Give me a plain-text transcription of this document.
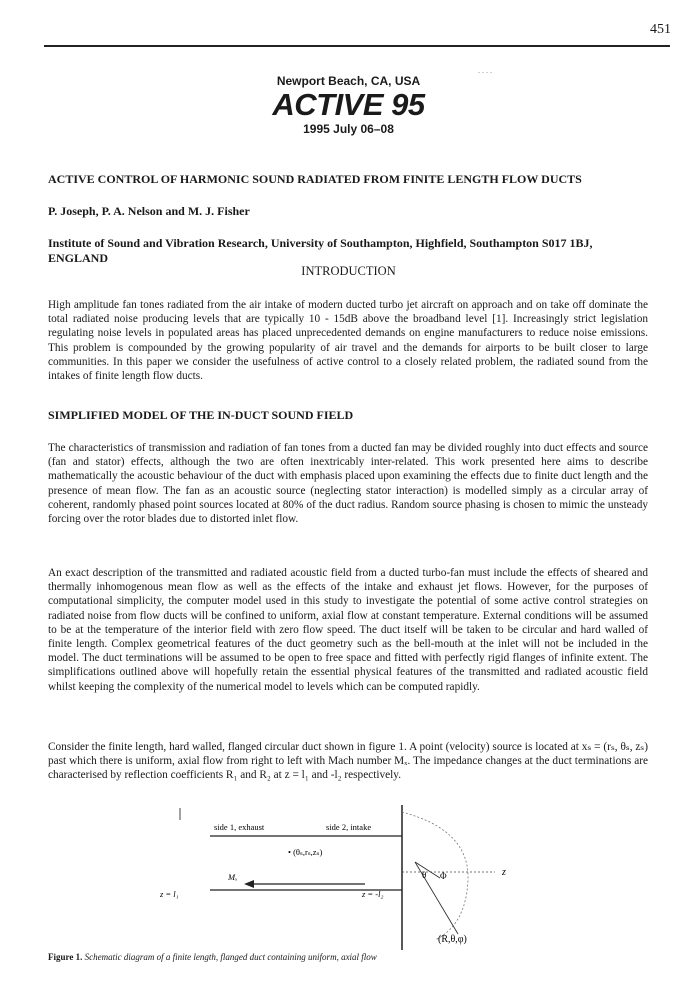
451
....
Newport Beach, CA, USA
ACTIVE 95
1995 July 06–08
ACTIVE CONTROL OF HARMONIC SOUND RADIATED FROM FINITE LENGTH FLOW DUCTS
P. Joseph, P. A. Nelson and M. J. Fisher
Institute of Sound and Vibration Research, University of Southampton, Highfield, Southampton S017 1BJ, ENGLAND
INTRODUCTION

High amplitude fan tones radiated from the air intake of modern ducted turbo jet aircraft on approach and on take off dominate the total radiated noise producing levels that are typically 10 - 15dB above the broadband level [1]. Increasingly strict legislation regulating noise levels in populated areas has placed unprecedented demands on engine manufacturers to reduce noise emissions. This problem is compounded by the growing popularity of air travel and the demands for airports to be built closer to large communities. In this paper we consider the usefulness of active control to a closely related problem, the radiated sound from the intakes of finite length flow ducts.

SIMPLIFIED MODEL OF THE IN-DUCT SOUND FIELD

The characteristics of transmission and radiation of fan tones from a ducted fan may be divided roughly into duct effects and source (fan and stator) effects, although the two are often inextricably inter-related. This work presented here aims to describe mathematically the acoustic behaviour of the duct with emphasis placed upon examining the effects due to finite duct length and the presence of mean flow. The fan as an acoustic source (neglecting stator interaction) is modelled simply as a circular array of coherent, randomly phased point sources located at 80% of the duct radius. Random source phasing is chosen to mimic the unsteady forcing over the rotor blades due to distorted inlet flow.

An exact description of the transmitted and radiated acoustic field from a ducted turbo-fan must include the effects of sheared and thermally inhomogenous mean flow as well as the effects of the intake and exhaust jet flows. However, for the purposes of computational simplicity, the computer model used in this study to investigate the potential of some active control strategies on radiated noise from flow ducts will be confined to uniform, axial flow at constant temperature. External conditions will be assumed to be at the temperature of the interior field with zero flow speed. The duct itself will be taken to be circular and hard walled of finite length. Complex geometrical features of the duct geometry such as the bell-mouth at the inlet will not be included in the model. The duct terminations will be assumed to be open to free space and fitted with perfectly rigid flanges of infinite extent. The simplifications outlined above will hopefully retain the essential physical features of the transmitted and radiated acoustic field whilst keeping the complexity of the numerical model to levels which can be computed rapidly.

Consider the finite length, hard walled, flanged circular duct shown in figure 1. A point (velocity) source is located at xₛ = (rₛ, θₛ, zₛ) past which there is uniform, axial flow from right to left with Mach number Mₓ. The impedance changes at the duct terminations are characterised by reflection coefficients R₁ and R₂ at z = l₁ and -l₂ respectively.

side 1, exhaust	side 2, intake
• (θₛ,rₛ,zₛ)
Mₓ	z
z = l₁	z = -l₂
θ Φ
(R,θ,φ)
Figure 1. Schematic diagram of a finite length, flanged duct containing uniform, axial flow
